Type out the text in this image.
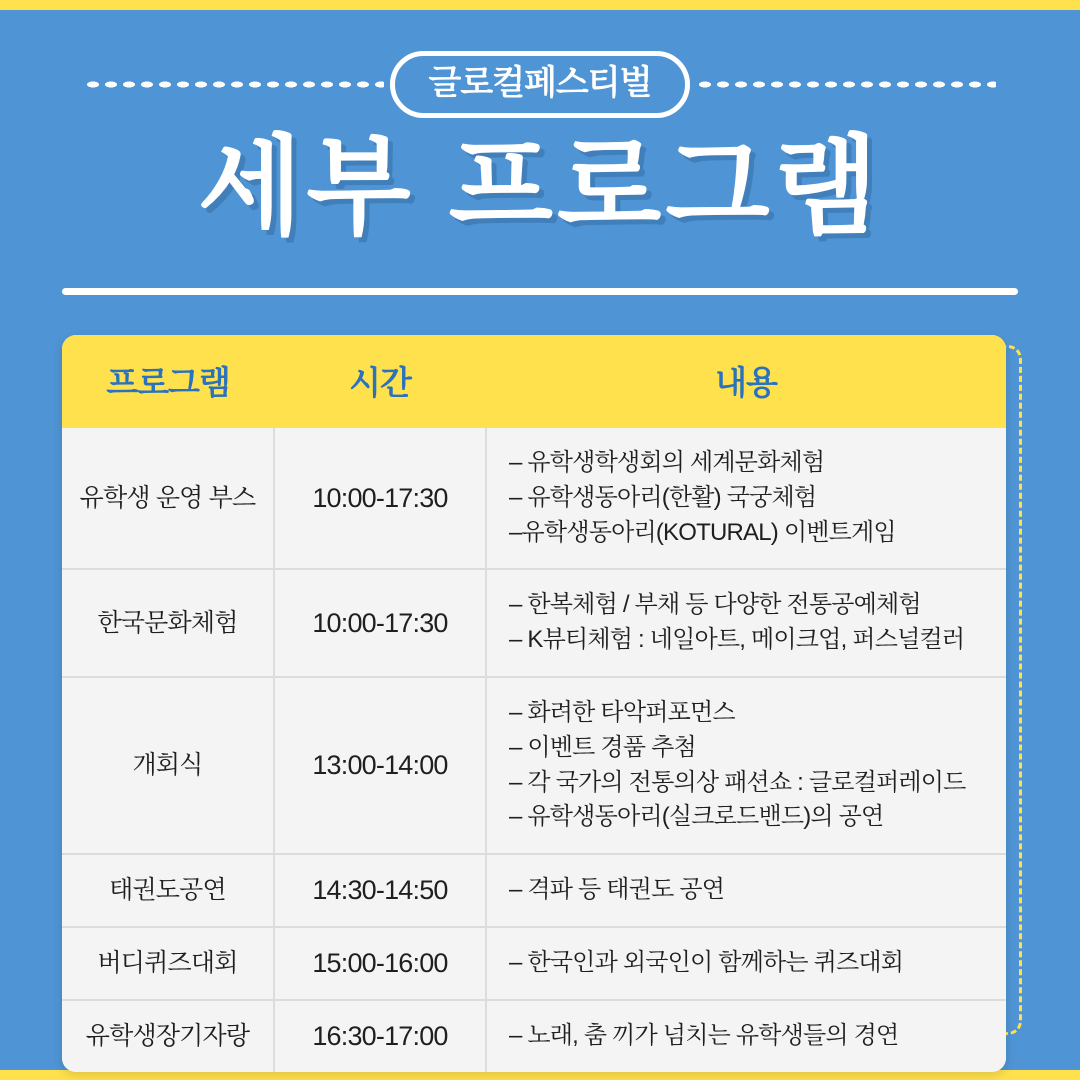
글로컬페스티벌
세부 프로그램
프로그램	시간	내용
유학생 운영 부스	10:00-17:30	– 유학생학생회의 세계문화체험
– 유학생동아리(한활) 국궁체험
–유학생동아리(KOTURAL) 이벤트게임

한국문화체험	10:00-17:30	– 한복체험 / 부채 등 다양한 전통공예체험
– K뷰티체험 : 네일아트, 메이크업, 퍼스널컬러

개회식	13:00-14:00	– 화려한 타악퍼포먼스
– 이벤트 경품 추첨
– 각 국가의 전통의상 패션쇼 : 글로컬퍼레이드
– 유학생동아리(실크로드밴드)의 공연

태권도공연	14:30-14:50	– 격파 등 태권도 공연

버디퀴즈대회	15:00-16:00	– 한국인과 외국인이 함께하는 퀴즈대회

유학생장기자랑	16:30-17:00	– 노래, 춤 끼가 넘치는 유학생들의 경연
